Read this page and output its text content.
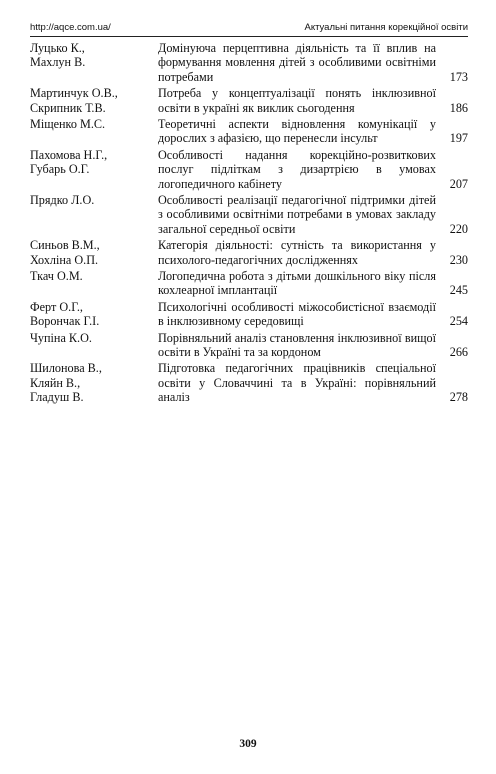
http://aqce.com.ua/	Актуальні питання корекційної освіти
Луцько К.,
Махлун В.
Домінуюча перцептивна діяльність та її вплив на формування мовлення дітей з особливими освітніми потребами	173
Мартинчук О.В.,
Скрипник Т.В.
Потреба у концептуалізації понять інклюзивної освіти в україні як виклик сьогодення	186
Міщенко М.С.	Теоретичні аспекти відновлення комунікації у дорослих з афазією, що перенесли інсульт	197
Пахомова Н.Г.,
Губарь О.Г.
Особливості надання корекційно-розвиткових послуг підліткам з дизартрією в умовах логопедичного кабінету	207
Прядко Л.О.	Особливості реалізації педагогічної підтримки дітей з особливими освітніми потребами в умовах закладу загальної середньої освіти	220
Синьов В.М.,
Хохліна О.П.
Категорія діяльності: сутність та використання у психолого-педагогічних дослідженнях	230
Ткач О.М.	Логопедична робота з дітьми дошкільного віку після кохлеарної імплантації	245
Ферт О.Г.,
Ворончак Г.І.
Психологічні особливості міжособистісної взаємодії в інклюзивному середовищі	254
Чупіна К.О.	Порівняльний аналіз становлення інклюзивної вищої освіти в Україні та за кордоном	266
Шилонова В.,
Кляйн В.,
Гладуш В.
Підготовка педагогічних працівників спеціальної освіти у Словаччині та в Україні: порівняльний аналіз	278
309
